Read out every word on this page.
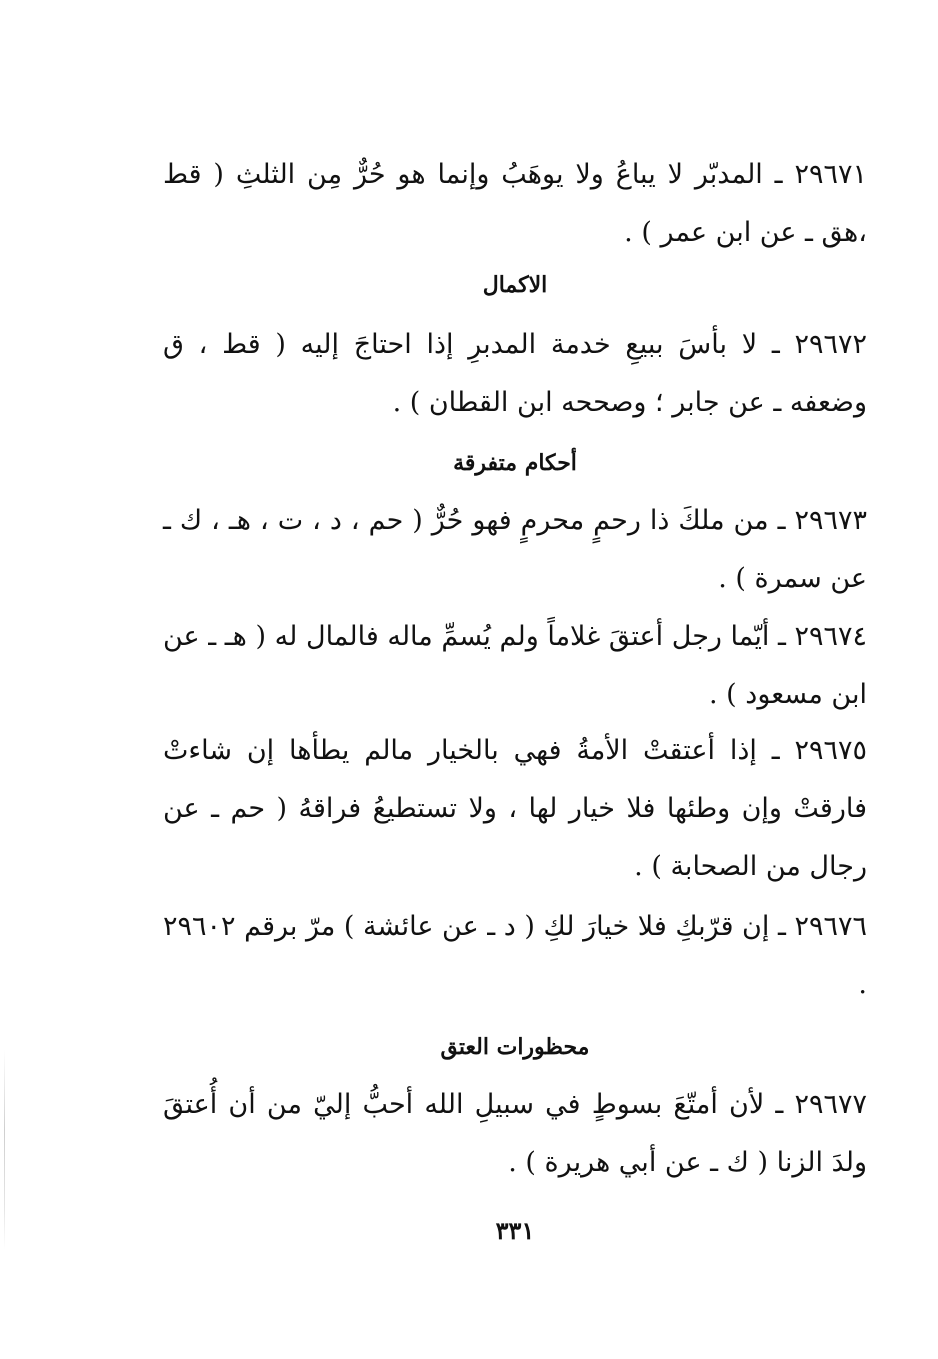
٢٩٦٧١ ـ المدبّر لا يباعُ ولا يوهَبُ وإنما هو حُرٌّ مِن الثلثِ ( قط ،هق ـ عن ابن عمر ) .
الاكمال
٢٩٦٧٢ ـ لا بأسَ ببيعِ خدمة المدبرِ إذا احتاجَ إليه ( قط ، ق وضعفه ـ عن جابر ؛ وصححه ابن القطان ) .
أحكام متفرقة
٢٩٦٧٣ ـ من ملكَ ذا رحمٍ محرمٍ فهو حُرٌّ ( حم ، د ، ت ، هـ ، ك ـ عن سمرة ) .
٢٩٦٧٤ ـ أيّما رجل أعتقَ غلاماً ولم يُسمِّ ماله فالمال له ( هـ ـ عن ابن مسعود ) .
٢٩٦٧٥ ـ إذا أعتقتْ الأمةُ فهي بالخيار مالم يطأها إن شاءتْ فارقتْ وإن وطئها فلا خيار لها ، ولا تستطيعُ فراقهُ ( حم ـ عن رجال من الصحابة ) .
٢٩٦٧٦ ـ إن قرّبكِ فلا خيارَ لكِ ( د ـ عن عائشة ) مرّ برقم ٢٩٦٠٢ .
محظورات العتق
٢٩٦٧٧ ـ لأن أمتّعَ بسوطٍ في سبيلِ الله أحبُّ إليّ من أن أُعتقَ ولدَ الزنا ( ك ـ عن أبي هريرة ) .
٣٣١
